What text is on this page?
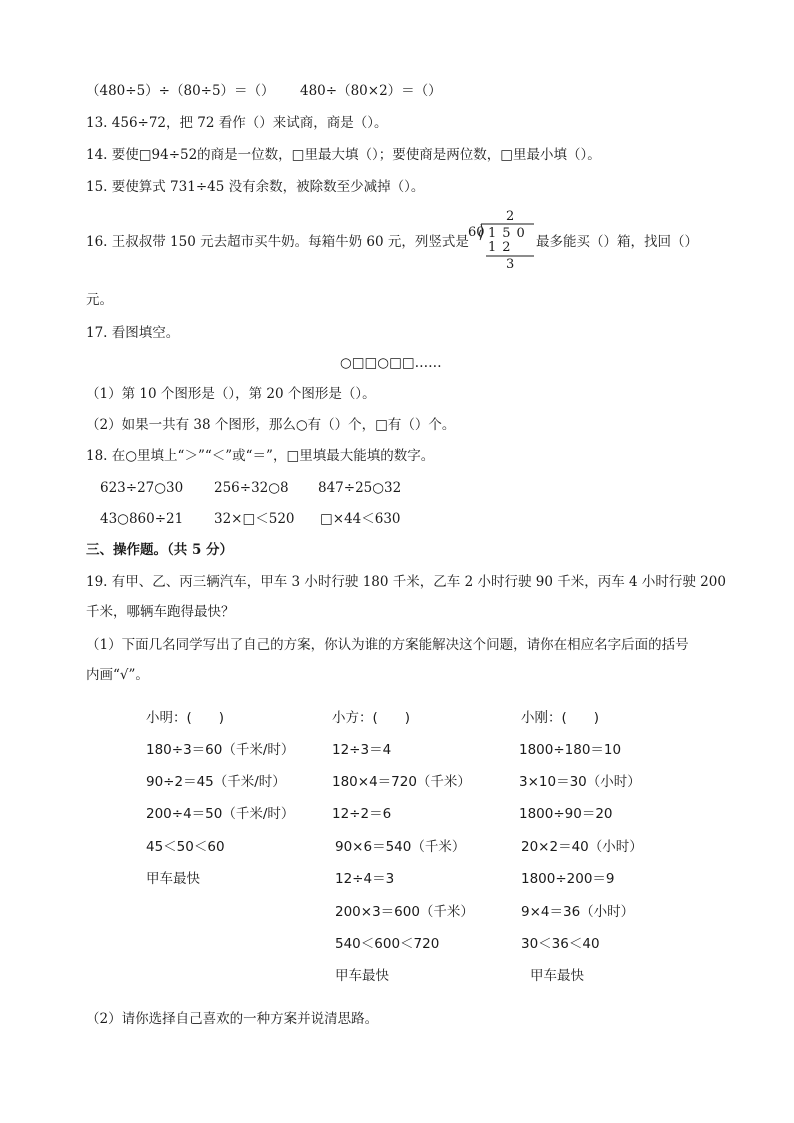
（480÷5）÷（80÷5）＝（） 480÷（80×2）＝（）
13. 456÷72，把 72 看作（）来试商，商是（）。
14. 要使□94÷52的商是一位数，□里最大填（）；要使商是两位数，□里最小填（）。
15. 要使算式 731÷45 没有余数，被除数至少减掉（）。
16. 王叔叔带 150 元去超市买牛奶。每箱牛奶 60 元，列竖式是
60
2
150
12
3
最多能买（）箱，找回（）
元。
17. 看图填空。
○□□○□□……
（1）第 10 个图形是（），第 20 个图形是（）。
（2）如果一共有 38 个图形，那么○有（）个，□有（）个。
18. 在○里填上“＞”“＜”或“＝”，□里填最大能填的数字。
623÷27○30 256÷32○8 847÷25○32
43○860÷21 32×□＜520 □×44＜630
三、操作题。（共 5 分）
19. 有甲、乙、丙三辆汽车，甲车 3 小时行驶 180 千米，乙车 2 小时行驶 90 千米，丙车 4 小时行驶 200
千米，哪辆车跑得最快？
（1）下面几名同学写出了自己的方案，你认为谁的方案能解决这个问题，请你在相应名字后面的括号
内画“√”。
小明：(　　)
180÷3＝60（千米/时）
90÷2＝45（千米/时）
200÷4＝50（千米/时）
45＜50＜60
甲车最快
小方：(　　)
12÷3＝4
180×4＝720（千米）
12÷2＝6
90×6＝540（千米）
12÷4＝3
200×3＝600（千米）
540＜600＜720
甲车最快
小刚：(　　)
1800÷180＝10
3×10＝30（小时）
1800÷90＝20
20×2＝40（小时）
1800÷200＝9
9×4＝36（小时）
30＜36＜40
甲车最快
（2）请你选择自己喜欢的一种方案并说清思路。
